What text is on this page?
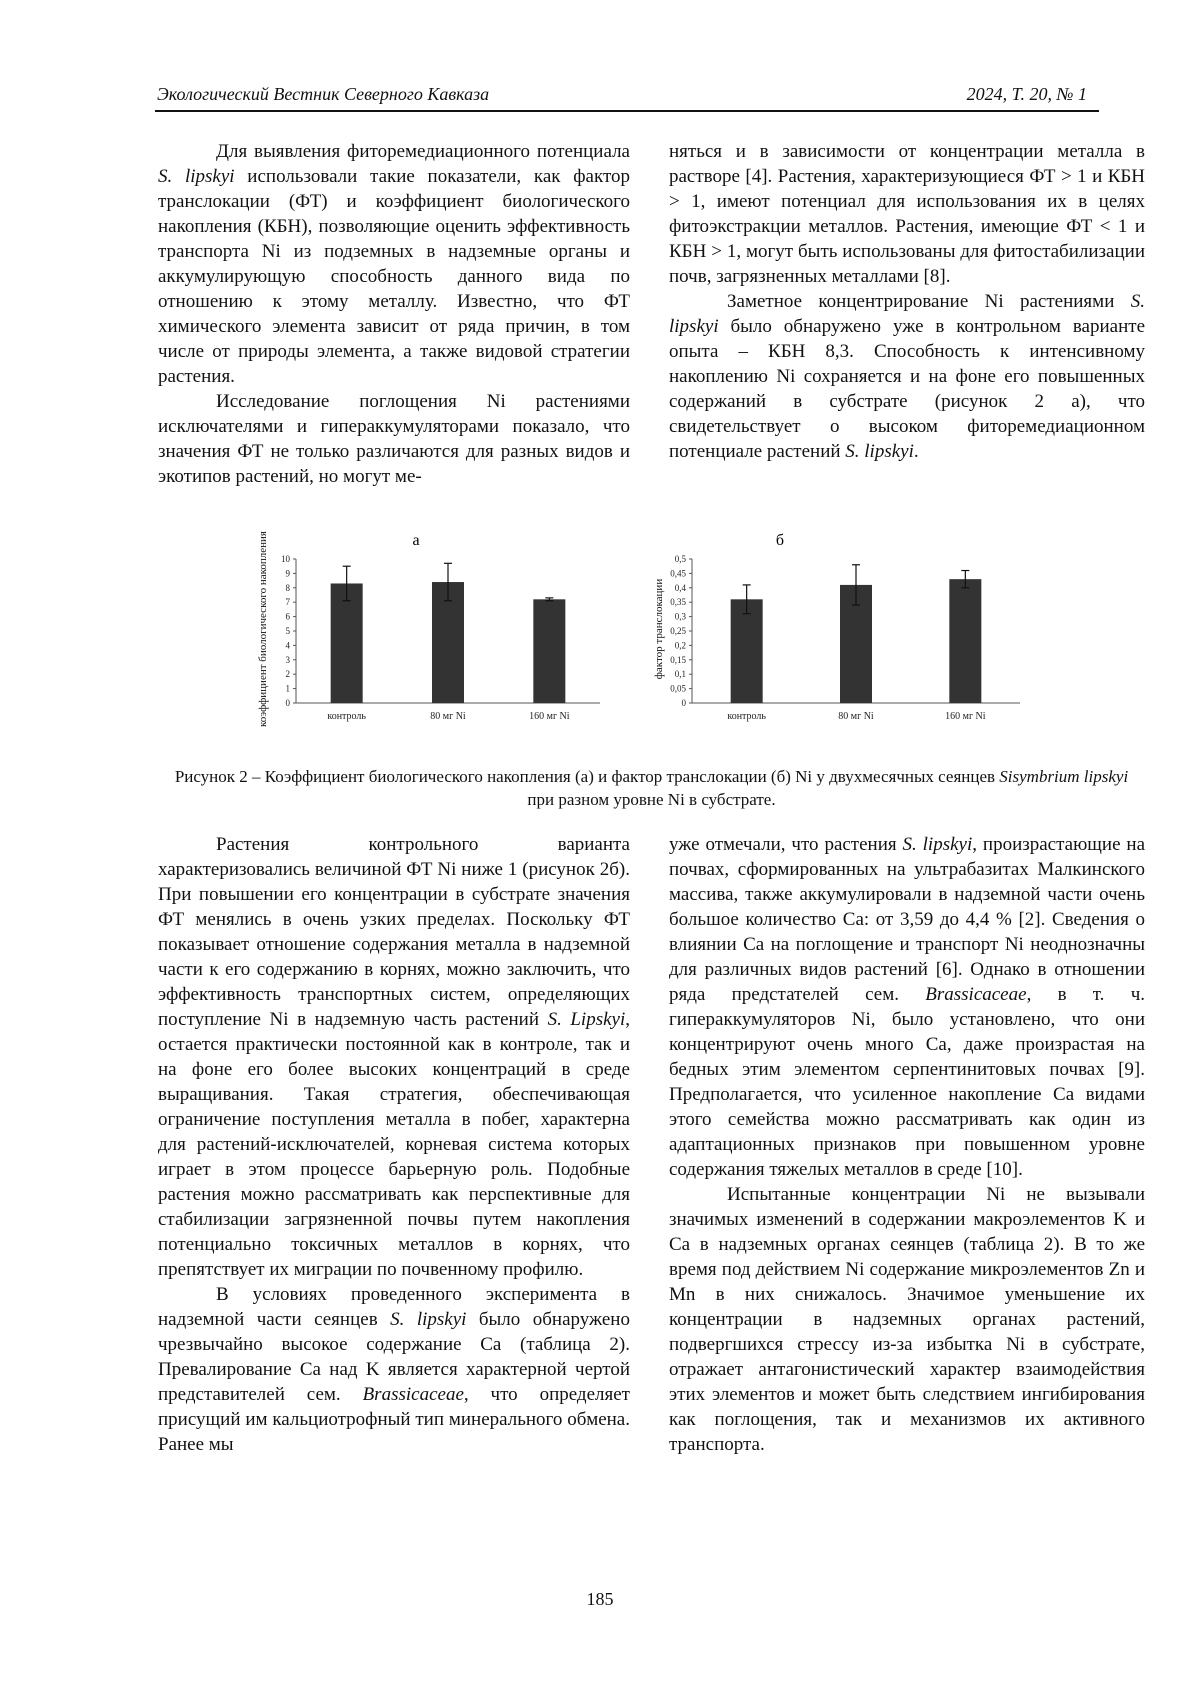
Экологический Вестник Северного Кавказа	2024, Т. 20, № 1

Для выявления фиторемедиационного потенциала S. lipskyi использовали такие показатели, как фактор транслокации (ФТ) и коэффициент биологического накопления (КБН), позволяющие оценить эффективность транспорта Ni из подземных в надземные органы и аккумулирующую способность данного вида по отношению к этому металлу. Известно, что ФТ химического элемента зависит от ряда причин, в том числе от природы элемента, а также видовой стратегии растения.

Исследование поглощения Ni растениями исключателями и гипераккумуляторами показало, что значения ФТ не только различаются для разных видов и экотипов растений, но могут ме-

няться и в зависимости от концентрации металла в растворе [4]. Растения, характеризующиеся ФТ > 1 и КБН > 1, имеют потенциал для использования их в целях фитоэкстракции металлов. Растения, имеющие ФТ < 1 и КБН > 1, могут быть использованы для фитостабилизации почв, загрязненных металлами [8].

Заметное концентрирование Ni растениями S. lipskyi было обнаружено уже в контрольном варианте опыта – КБН 8,3. Способность к интенсивному накоплению Ni сохраняется и на фоне его повышенных содержаний в субстрате (рисунок 2 а), что свидетельствует о высоком фиторемедиационном потенциале растений S. lipskyi.

а
0
1
2
3
4
5
6
7
8
9
10
коэффициент биологического накопления	контроль	80 мг Ni	160 мг Ni
б
0
0,05
0,1
0,15
0,2
0,25
0,3
0,35
0,4
0,45
0,5
фактор транслокации
контроль	80 мг Ni	160 мг Ni
Рисунок 2 – Коэффициент биологического накопления (а) и фактор транслокации (б) Ni у двухмесячных сеянцев Sisymbrium lipskyi при разном уровне Ni в субстрате.

Растения контрольного варианта характеризовались величиной ФТ Ni ниже 1 (рисунок 2б). При повышении его концентрации в субстрате значения ФТ менялись в очень узких пределах. Поскольку ФТ показывает отношение содержания металла в надземной части к его содержанию в корнях, можно заключить, что эффективность транспортных систем, определяющих поступление Ni в надземную часть растений S. Lipskyi, остается практически постоянной как в контроле, так и на фоне его более высоких концентраций в среде выращивания. Такая стратегия, обеспечивающая ограничение поступления металла в побег, характерна для растений-исключателей, корневая система которых играет в этом процессе барьерную роль. Подобные растения можно рассматривать как перспективные для стабилизации загрязненной почвы путем накопления потенциально токсичных металлов в корнях, что препятствует их миграции по почвенному профилю.

В условиях проведенного эксперимента в надземной части сеянцев S. lipskyi было обнаружено чрезвычайно высокое содержание Ca (таблица 2). Превалирование Ca над K является характерной чертой представителей сем. Brassicaceae, что определяет присущий им кальциотрофный тип минерального обмена. Ранее мы

уже отмечали, что растения S. lipskyi, произрастающие на почвах, сформированных на ультрабазитах Малкинского массива, также аккумулировали в надземной части очень большое количество Ca: от 3,59 до 4,4 % [2]. Сведения о влиянии Ca на поглощение и транспорт Ni неоднозначны для различных видов растений [6]. Однако в отношении ряда предстателей сем. Brassicaceae, в т. ч. гипераккумуляторов Ni, было установлено, что они концентрируют очень много Ca, даже произрастая на бедных этим элементом серпентинитовых почвах [9]. Предполагается, что усиленное накопление Ca видами этого семейства можно рассматривать как один из адаптационных признаков при повышенном уровне содержания тяжелых металлов в среде [10].

Испытанные концентрации Ni не вызывали значимых изменений в содержании макроэлементов K и Ca в надземных органах сеянцев (таблица 2). В то же время под действием Ni содержание микроэлементов Zn и Mn в них снижалось. Значимое уменьшение их концентрации в надземных органах растений, подвергшихся стрессу из-за избытка Ni в субстрате, отражает антагонистический характер взаимодействия этих элементов и может быть следствием ингибирования как поглощения, так и механизмов их активного транспорта.

185
